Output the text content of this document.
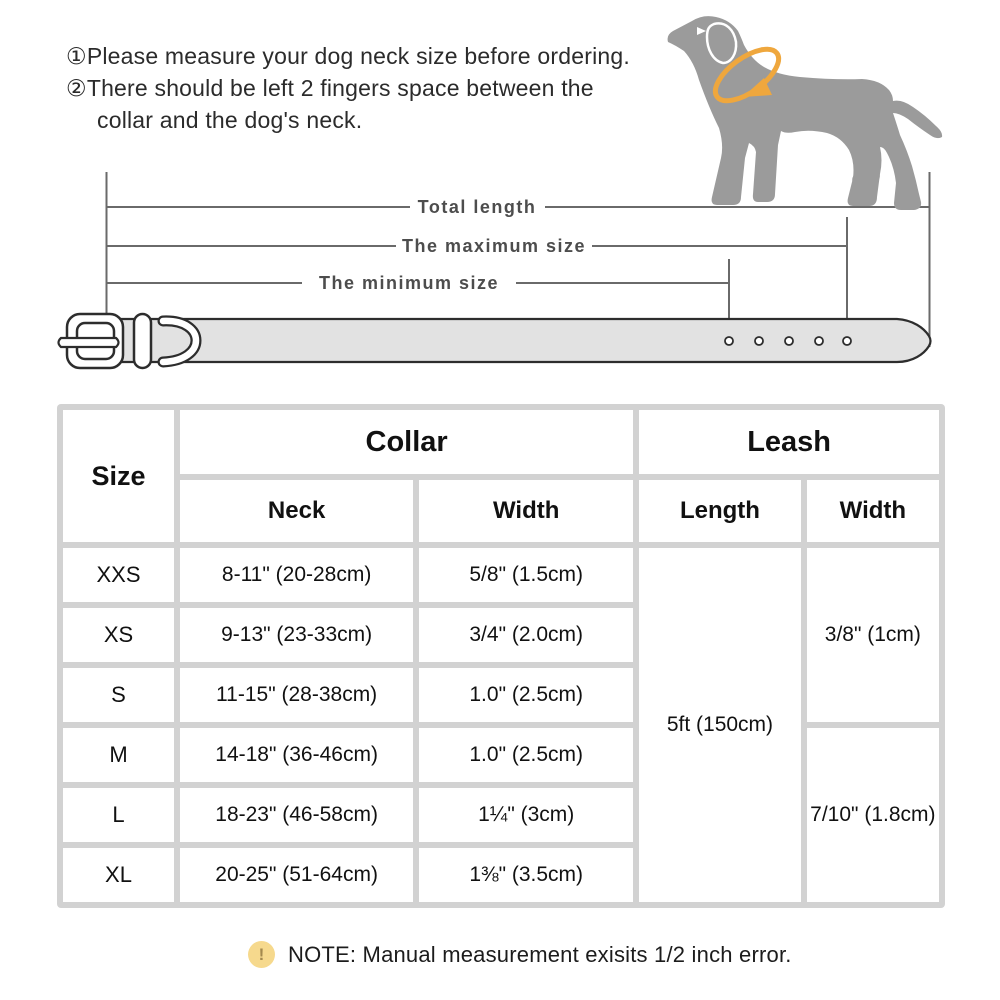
①Please measure your dog neck size before ordering.
②There should be left 2 fingers space between the
collar and the dog's neck.
Total length
The maximum size
The minimum size
Size	Collar		Leash	
	Neck	Width	Length	Width
XXS	8-11" (20-28cm)	5/8" (1.5cm)	5ft (150cm)	3/8" (1cm)
XS	9-13" (23-33cm)	3/4" (2.0cm)		
S	11-15" (28-38cm)	1.0" (2.5cm)		
M	14-18" (36-46cm)	1.0" (2.5cm)		7/10" (1.8cm)
L	18-23" (46-58cm)	1¼" (3cm)		
XL	20-25" (51-64cm)	1⅜" (3.5cm)		
!	NOTE: Manual measurement exisits 1/2 inch error.
